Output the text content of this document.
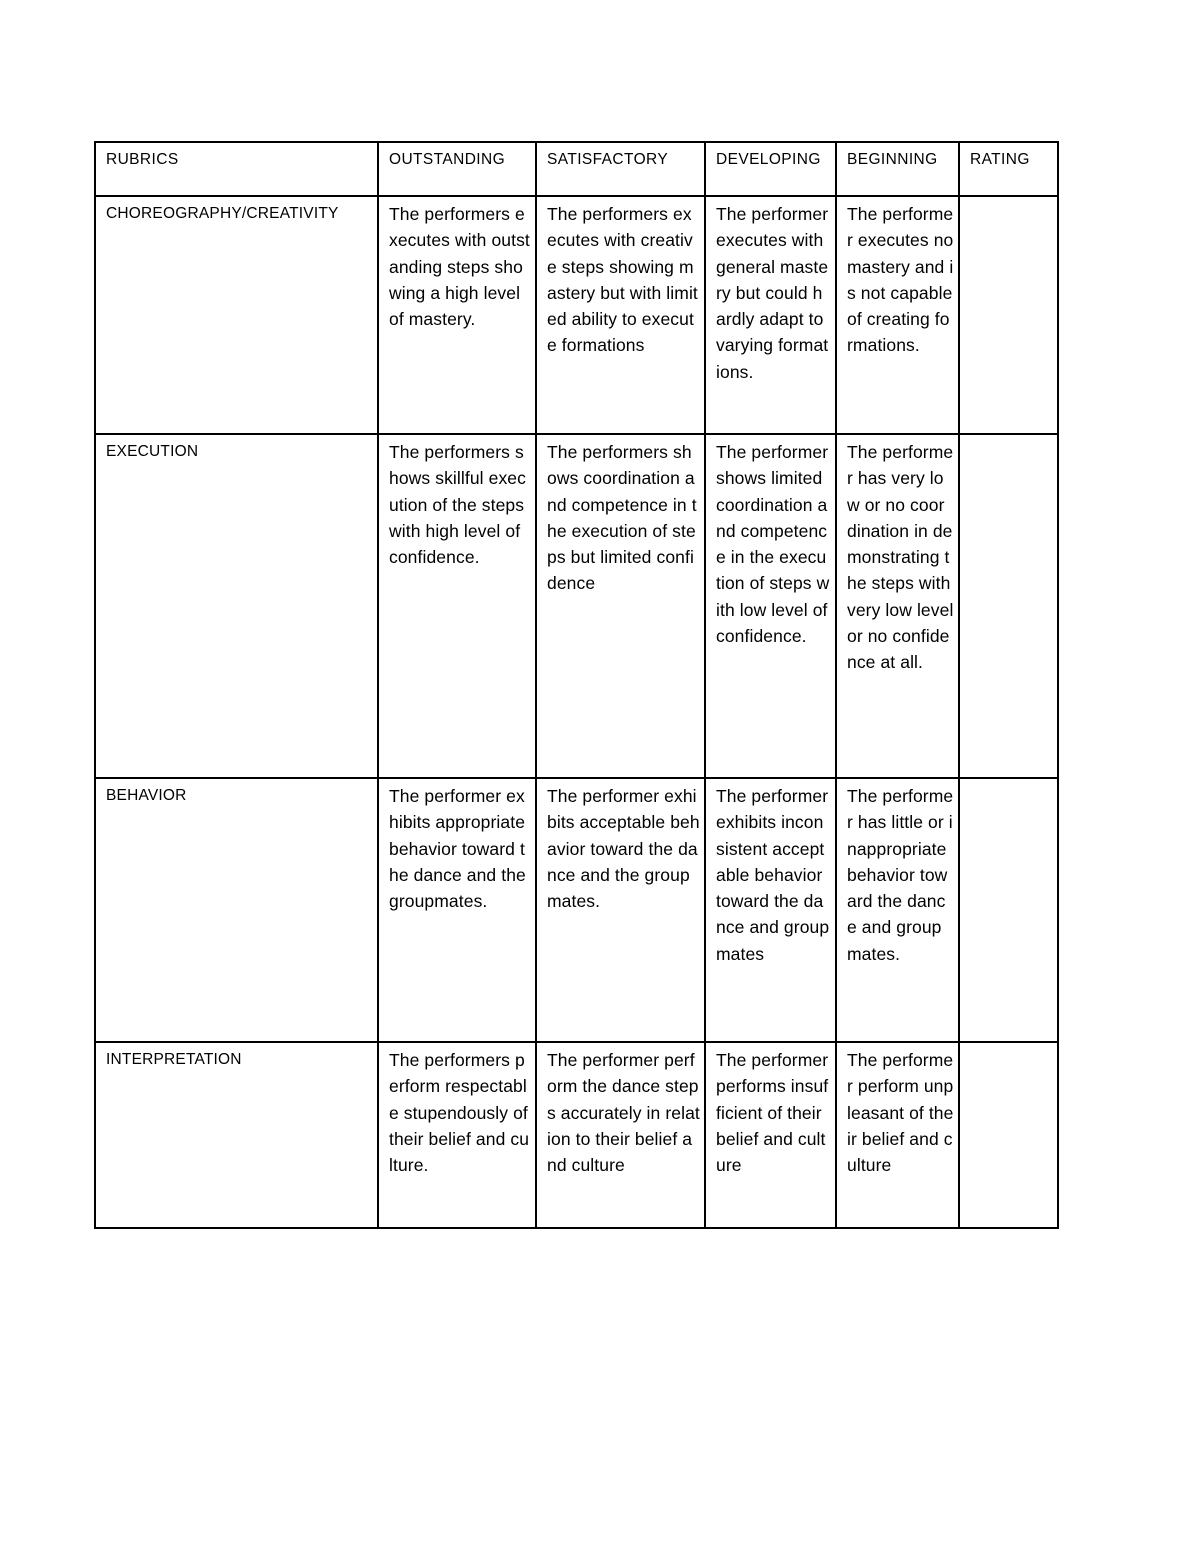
RUBRICS	OUTSTANDING	SATISFACTORY	DEVELOPING	BEGINNING	RATING
CHOREOGRAPHY/CREATIVITY	The performers executes with outstanding steps showing a high level of mastery.	The performers executes with creative steps showing mastery but with limited ability to execute formations	The performer executes with general mastery but could hardly adapt to varying formations.	The performer executes no mastery and is not capable of creating formations.	
EXECUTION	The performers shows skillful execution of the steps with high level of confidence.	The performers shows coordination and competence in the execution of steps but limited confidence	The performer shows limited coordination and competence in the execution of steps with low level of confidence.	The performer has very low or no coordination in demonstrating the steps with very low level or no confidence at all.	
BEHAVIOR	The performer exhibits appropriate behavior toward the dance and the groupmates.	The performer exhibits acceptable behavior toward the dance and the groupmates.	The performer exhibits inconsistent acceptable behavior toward the dance and groupmates	The performer has little or inappropriate behavior toward the dance and groupmates.	
INTERPRETATION	The performers perform respectable stupendously of their belief and culture.	The performer perform the dance steps accurately in relation to their belief and culture	The performer performs insufficient of their belief and culture	The performer perform unpleasant of their belief and culture	
